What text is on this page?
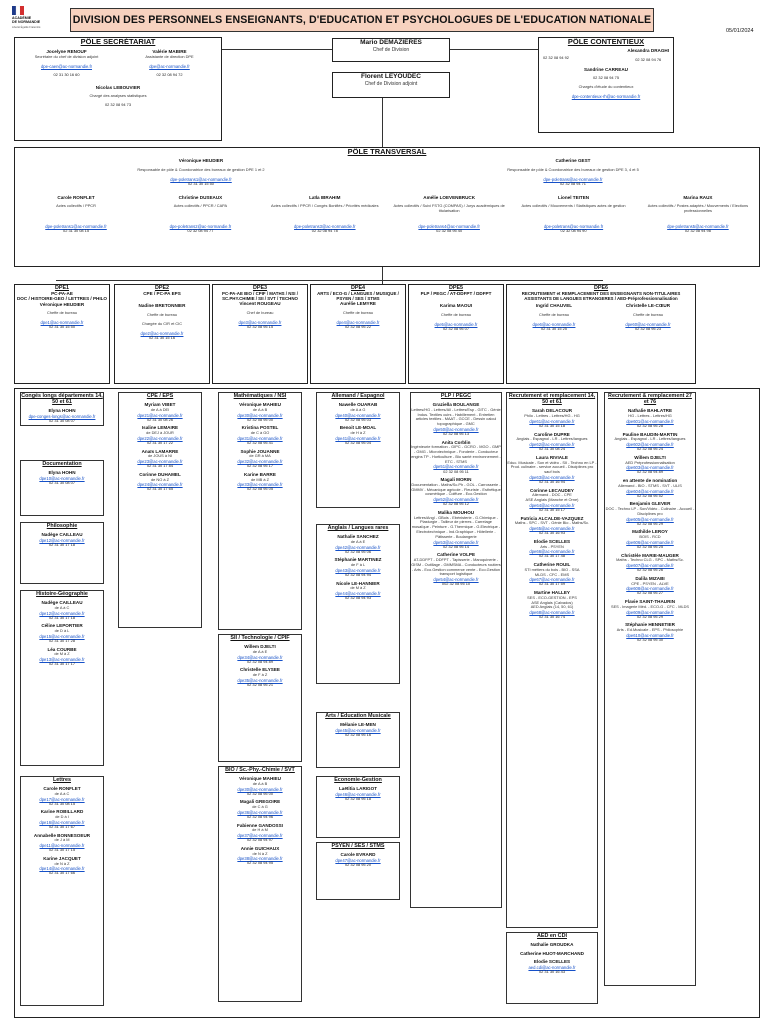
ACADÉMIE
DE NORMANDIE
Liberté Égalité Fraternité
DIVISION DES PERSONNELS ENSEIGNANTS, D'EDUCATION ET PSYCHOLOGUES DE L'EDUCATION NATIONALE
05/01/2024
PÔLE SECRÉTARIAT
Jocelyne RENOUF
Secrétaire du chef de division adjoint
dpe-caen@ac-normandie.fr
02 31 30 16 60
Valérie MABIRE
Assistante de direction DPE
dpe@ac-normandie.fr
02 32 08 94 72
Nicolas LEBOUVIER
Chargé des analyses statistiques
02 32 08 94 73
Mario DEMAZIERES
Chef de Division
Florent LEYOUDEC
Chef de Division adjoint
PÔLE CONTENTIEUX
02 32 08 94 92
Alexandra DRAGHI
02 32 08 94 76
Sandrine CARREAU
02 32 08 94 75
Chargés d'étude du contentieux
dpe-contentieux-rh@ac-normandie.fr
PÔLE TRANSVERSAL
Véronique HEUDIER
Responsable de pôle & Coordonatrice des bureaux de gestion DPE 1 et 2
dpe-poletrans1@ac-normandie.fr
02 31 30 15 50
Catherine GEST
Responsable de pôle & Coordonatrice des bureaux de gestion DPE 3, 4 et 5
dpe-poletrans@ac-normandie.fr
02 32 08 94 71
Carole RONFLET
Actes collectifs / PPCR
dpe-poletrans1@ac-normandie.fr
02 31 30 08 15
Christine DUSEAUX
Actes collectifs / PPCR / CAPA
dpe-poletrans2@ac-normandie.fr
02 32 08 94 77
Laïla IBRAHIM
Actes collectifs / PPCR / Congés Bonifiés / Priorités médicales
dpe-poletrans3@ac-normandie.fr
02 32 08 94 78
Amélie LOEVENBRUCK
Actes collectifs / Suivi FSTG (COMPAS) / Jurys académiques de titularisation
dpe-poletrans4@ac-normandie.fr
02 32 08 95 40
Lionel TEITEN
Actes collectifs / Mouvements / Statistiques actes de gestion
dpe-poletrans@ac-normandie.fr
02 32 08 94 90
Marina RAUX
Actes collectifs / Postes adaptés / Mouvements / Elections professionnelles
dpe-poletrans5@ac-normandie.fr
02 32 08 94 98
DPE1
PC-PA-AE
DOC / HISTOIRE-GEO / LETTRES / PHILO
Véronique HEUDIER
Cheffe de bureau
dpe1@ac-normandie.fr
02 31 30 15 50
DPE2
CPE / PC-PA EPS
Nadine BRETONNIER
Cheffe de bureau
Chargée du CIR et CIC
dpe2@ac-normandie.fr
02 31 30 15 16
DPE3
PC-PA-AE BIO / CPIF / MATHS / NSI /
SC.PHY.CHIMIE / SII / SVT / TECHNO
Vincent ROUGEAU
Chef de bureau
dpe3@ac-normandie.fr
02 32 08 95 15
DPE4
ARTS / ECO-G / LANGUES / MUSIQUE /
PSYEN / SES / STMS
Aurélie LEMYRE
Cheffe de bureau
dpe4@ac-normandie.fr
02 32 08 95 22
DPE5
PLP / PEGC / AT-DDFPT / DDFPT
Karima MAOUI
Cheffe de bureau
dpe5@ac-normandie.fr
02 32 08 95 07
DPE6
RECRUTEMENT et REMPLACEMENT DES ENSEIGNANTS NON-TITULAIRES
ASSISTANTS DE LANGUES ETRANGERES / AED-Préprofessionnalisation
Ingrid CHAUVEL
Cheffe de bureau
dpe6@ac-normandie.fr
02 31 30 15 25
Christelle LE-CŒUR
Cheffe de bureau
dpe60@ac-normandie.fr
02 32 08 95 23
Congés longs départements 14, 50 et 61
Elyna HOHN
dpe-conges-longs@ac-normandie.fr
02 31 30 08 07
Documentation
Elyna HOHN
dpe10@ac-normandie.fr
02 31 30 08 07
Philosophie
Nadège CAILLEAU
dpe12@ac-normandie.fr
02 31 30 17 18
Histoire-Géographie
Nadège CAILLEAU
de A à C
dpe12@ac-normandie.fr
02 31 30 17 18
Céline LEPORTIER
de D à L
dpe15@ac-normandie.fr
02 31 30 17 28
Léa COURBE
de M à Z
dpe13@ac-normandie.fr
02 31 30 17 17
Lettres
Carole RONFLET
de A à C
dpe17@ac-normandie.fr
02 31 30 08 15
Karine ROBILLARD
de D à I
dpe16@ac-normandie.fr
02 31 30 17 67
Annabelle BONNESOEUR
de J à M
dpe11@ac-normandie.fr
02 31 30 17 15
Karine JACQUET
de N à Z
dpe14@ac-normandie.fr
02 31 30 17 66
CPE / EPS
Myriam VIBET
de A à DEI
dpe21@ac-normandie.fr
02 31 30 08 26
Isaline LEMAIRE
de DEJ à JOUR
dpe22@ac-normandie.fr
02 31 30 17 22
Anaïs LAMARRE
de JOUS à NI
dpe23@ac-normandie.fr
02 31 30 17 84
Corinne DUHAMEL
de NO à Z
dpe24@ac-normandie.fr
02 31 30 17 65
Mathématiques / NSI
Véronique MAHIEU
de A à B
dpe30@ac-normandie.fr
02 32 08 95 00
Kristina POSTEL
de C à GO
dpe31@ac-normandie.fr
02 32 08 95 41
Sophie JOUANNE
de GR à MA
dpe32@ac-normandie.fr
02 32 08 95 17
Karine BARRE
de MB à Z
dpe33@ac-normandie.fr
02 32 08 95 05
SII / Technologie / CPIF
Willem DJELTI
de A à E
dpe34@ac-normandie.fr
02 32 08 94 89
Christelle ELYSEE
de F à Z
dpe35@ac-normandie.fr
02 32 08 95 21
BIO / Sc.-Phy.-Chimie / SVT
Véronique MAHIEU
de A à B
dpe30@ac-normandie.fr
02 32 08 95 00
Magali GREGOIRE
de C à G
dpe36@ac-normandie.fr
02 32 08 94 96
Fabienne GANDOSSI
de H à M
dpe37@ac-normandie.fr
02 32 08 94 97
Annie GUICHAUX
de N à Z
dpe38@ac-normandie.fr
02 32 08 94 95
Allemand / Espagnol
Nawelle OUARAB
de A à G
dpe40@ac-normandie.fr
02 32 08 95 03
Benoit LE-MOAL
de H à Z
dpe41@ac-normandie.fr
02 32 08 95 04
Anglais / Langues rares
Nathalie SANCHEZ
de A à E
dpe42@ac-normandie.fr
02 32 08 95 06
Stéphanie MARTINEZ
de F à L
dpe43@ac-normandie.fr
02 32 08 94 94
Nicole LE-HANNIER
de M à Z
dpe44@ac-normandie.fr
02 32 08 94 93
Arts / Education Musicale
Mélanie LE-MEN
dpe45@ac-normandie.fr
02 32 08 95 16
Economie-Gestion
Laëtitia LARIGOT
dpe46@ac-normandie.fr
02 32 08 95 18
PSYEN / SES / STMS
Carole EVRARD
dpe47@ac-normandie.fr
02 32 08 95 20
PLP / PEGC
Graziella BOULANGE
Lettres/HG - Lettres/All - Lettres/Esp - GITC - Génie Indus. Textiles cuirs - Habillement - Entretien articles textiles - MAAT - GCCE - Dessin calcul topographique - GMC
dpe50@ac-normandie.fr
02 32 08 95 13
Anita Corblin
Ingénieurie formation - GIPC - GCRO - MGO - GMP - GMG - Microtechnique - Fonderie - Conducteur engins TP - Horticulture - Bio santé environnement - ETC - STMS
dpe51@ac-normandie.fr
02 32 08 95 11
Magali MORIN
Documentation - Maths/Sc.Ph - GOL - Carrosserie - GMMV - Mécanique agricole - Fleuriste - Esthétique cosmétique - Coiffure - Eco.Gestion
dpe52@ac-normandie.fr
02 32 08 95 12
Malika MOUHOU
Lettres/Angl - GBois - Ebénisterie - G.Chimique - Plasturgie - Tailleur de pierres - Carrelage mosaïque - Peinture - G.Thermique - G.Electrique - Electrotechnique - Ind.Graphique - Hôtellerie - Pâtisserie - Boulangerie
dpe53@ac-normandie.fr
02 32 08 95 14
Catherine VOLPE
AT-DDFPT - DDFPT - Tapisserie - Maroquinerie - GISM - Outillage - GMMSMA - Conducteurs routiers - Arts - Eco.Gestion commerce vente - Eco.Gestion transport logistique
dpe54@ac-normandie.fr
002 32 08 95 10
Recrutement et remplacement 14, 50 et 61
Sarah DELACOUR
Philo - Lettres - Lettres/HG - HG
dpe61@ac-normandie.fr
02 31 30 15 18
Caroline DUPRE
Anglais - Espagnol - LR - Lettres/langues
dpe62@ac-normandie.fr
02 31 30 08 24
Laura RIVIALE
Educ. Musicale - Son et vidéo - SII - Techno en LP - Prod. culinaire - service accueil - Disciplines pro sauf bois
dpe63@ac-normandie.fr
02 31 30 16 94
Corinne LECAUDEY
Allemand - DOC - CPE
ASE Anglais (Manche et Orne)
dpe64@ac-normandie.fr
02 31 30 15 17
Patricia ALCALDE-VAZQUEZ
Maths - SPC - SVT - Génie Bio - Maths/Sc.
dpe65@ac-normandie.fr
02 31 30 16 93
Elodie SCELLES
Arts - PSYEN
dpe66@ac-normandie.fr
02 31 30 17 48
Catherine ROUIL
STI métiers du bois - BIO - SSA
MLDS - CFC - EMS
dpe67@ac-normandie.fr
02 31 30 17 59
Martine HALLEY
SES - ECO-GESTION - EPS
ASE Anglais (Calvados)
AED Anglais (14, 50, 61)
dpe68@ac-normandie.fr
02 31 30 16 74
AED en CDI
Nathalie GROUDKA
Catherine HUOT-MARCHAND
Elodie SCELLES
aed.cdi@ac-normandie.fr
02 31 30 16 43
Recrutement & remplacement 27 et 76
Nathalie BAHLATRE
HG - Lettres - Lettres/HG
dpe601@ac-normandie.fr
02 32 08 95 28
Pauline BAUDIN-MARTIN
Anglais - Espagnol - LR - Lettres/langues
dpe602@ac-normandie.fr
02 32 08 95 24
Willem DJELTI
AED Préprofessionnalisation
dpe603@ac-normandie.fr
02 32 08 94 89
en attente de nomination
Allemand - BIO - STMS - SVT - ULIS
dpe604@ac-normandie.fr
02 32 08 95 52
Benjamin GLEVER
DOC - Techno LP - Son/Vidéo - Culinaire - Accueil - Disciplines pro
dpe605@ac-normandie.fr
02 32 08 95 29
Mathilde LEROY
BOIS - RCD
dpe606@ac-normandie.fr
02 32 08 95 25
Christèle MARIE-MAUGER
Maths - Techno CLG - SPC - Maths/Sc.
dpe607@ac-normandie.fr
02 32 08 95 26
Dalila MIZABI
CPE - PSYEN - ALVE
dpe608@ac-normandie.fr
02 32 08 95 27
Flavie SAINT-THAURIN
SES - Imagerie Méd. - ECO-G - CFC - MLDS
dpe609@ac-normandie.fr
02 32 08 95 29
Stéphanie HENNETIER
Arts - Ed.Musicale - EPS - Philosophie
dpe610@ac-normandie.fr
02 32 08 95 30
